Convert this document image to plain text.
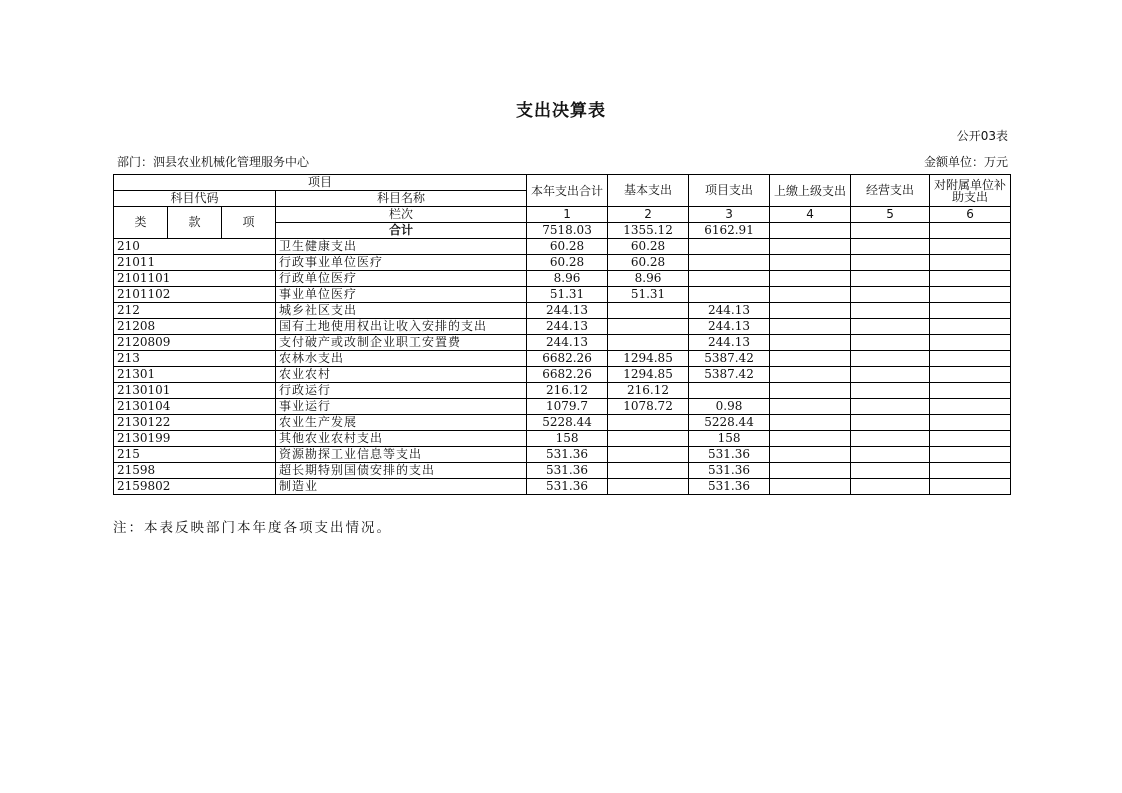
支出决算表
公开03表
部门：泗县农业机械化管理服务中心	金额单位：万元
项目				本年支出合计	基本支出	项目支出	上缴上级支出	经营支出	对附属单位补助支出
科目代码			科目名称						
类	款	项	栏次	1	2	3	4	5	6
			合计	7518.03	1355.12	6162.91			
210			卫生健康支出	60.28	60.28				
21011			行政事业单位医疗	60.28	60.28				
2101101			行政单位医疗	8.96	8.96				
2101102			事业单位医疗	51.31	51.31				
212			城乡社区支出	244.13		244.13			
21208			国有土地使用权出让收入安排的支出	244.13		244.13			
2120809			支付破产或改制企业职工安置费	244.13		244.13			
213			农林水支出	6682.26	1294.85	5387.42			
21301			农业农村	6682.26	1294.85	5387.42			
2130101			行政运行	216.12	216.12				
2130104			事业运行	1079.7	1078.72	0.98			
2130122			农业生产发展	5228.44		5228.44			
2130199			其他农业农村支出	158		158			
215			资源勘探工业信息等支出	531.36		531.36			
21598			超长期特别国债安排的支出	531.36		531.36			
2159802			制造业	531.36		531.36			
注：本表反映部门本年度各项支出情况。
